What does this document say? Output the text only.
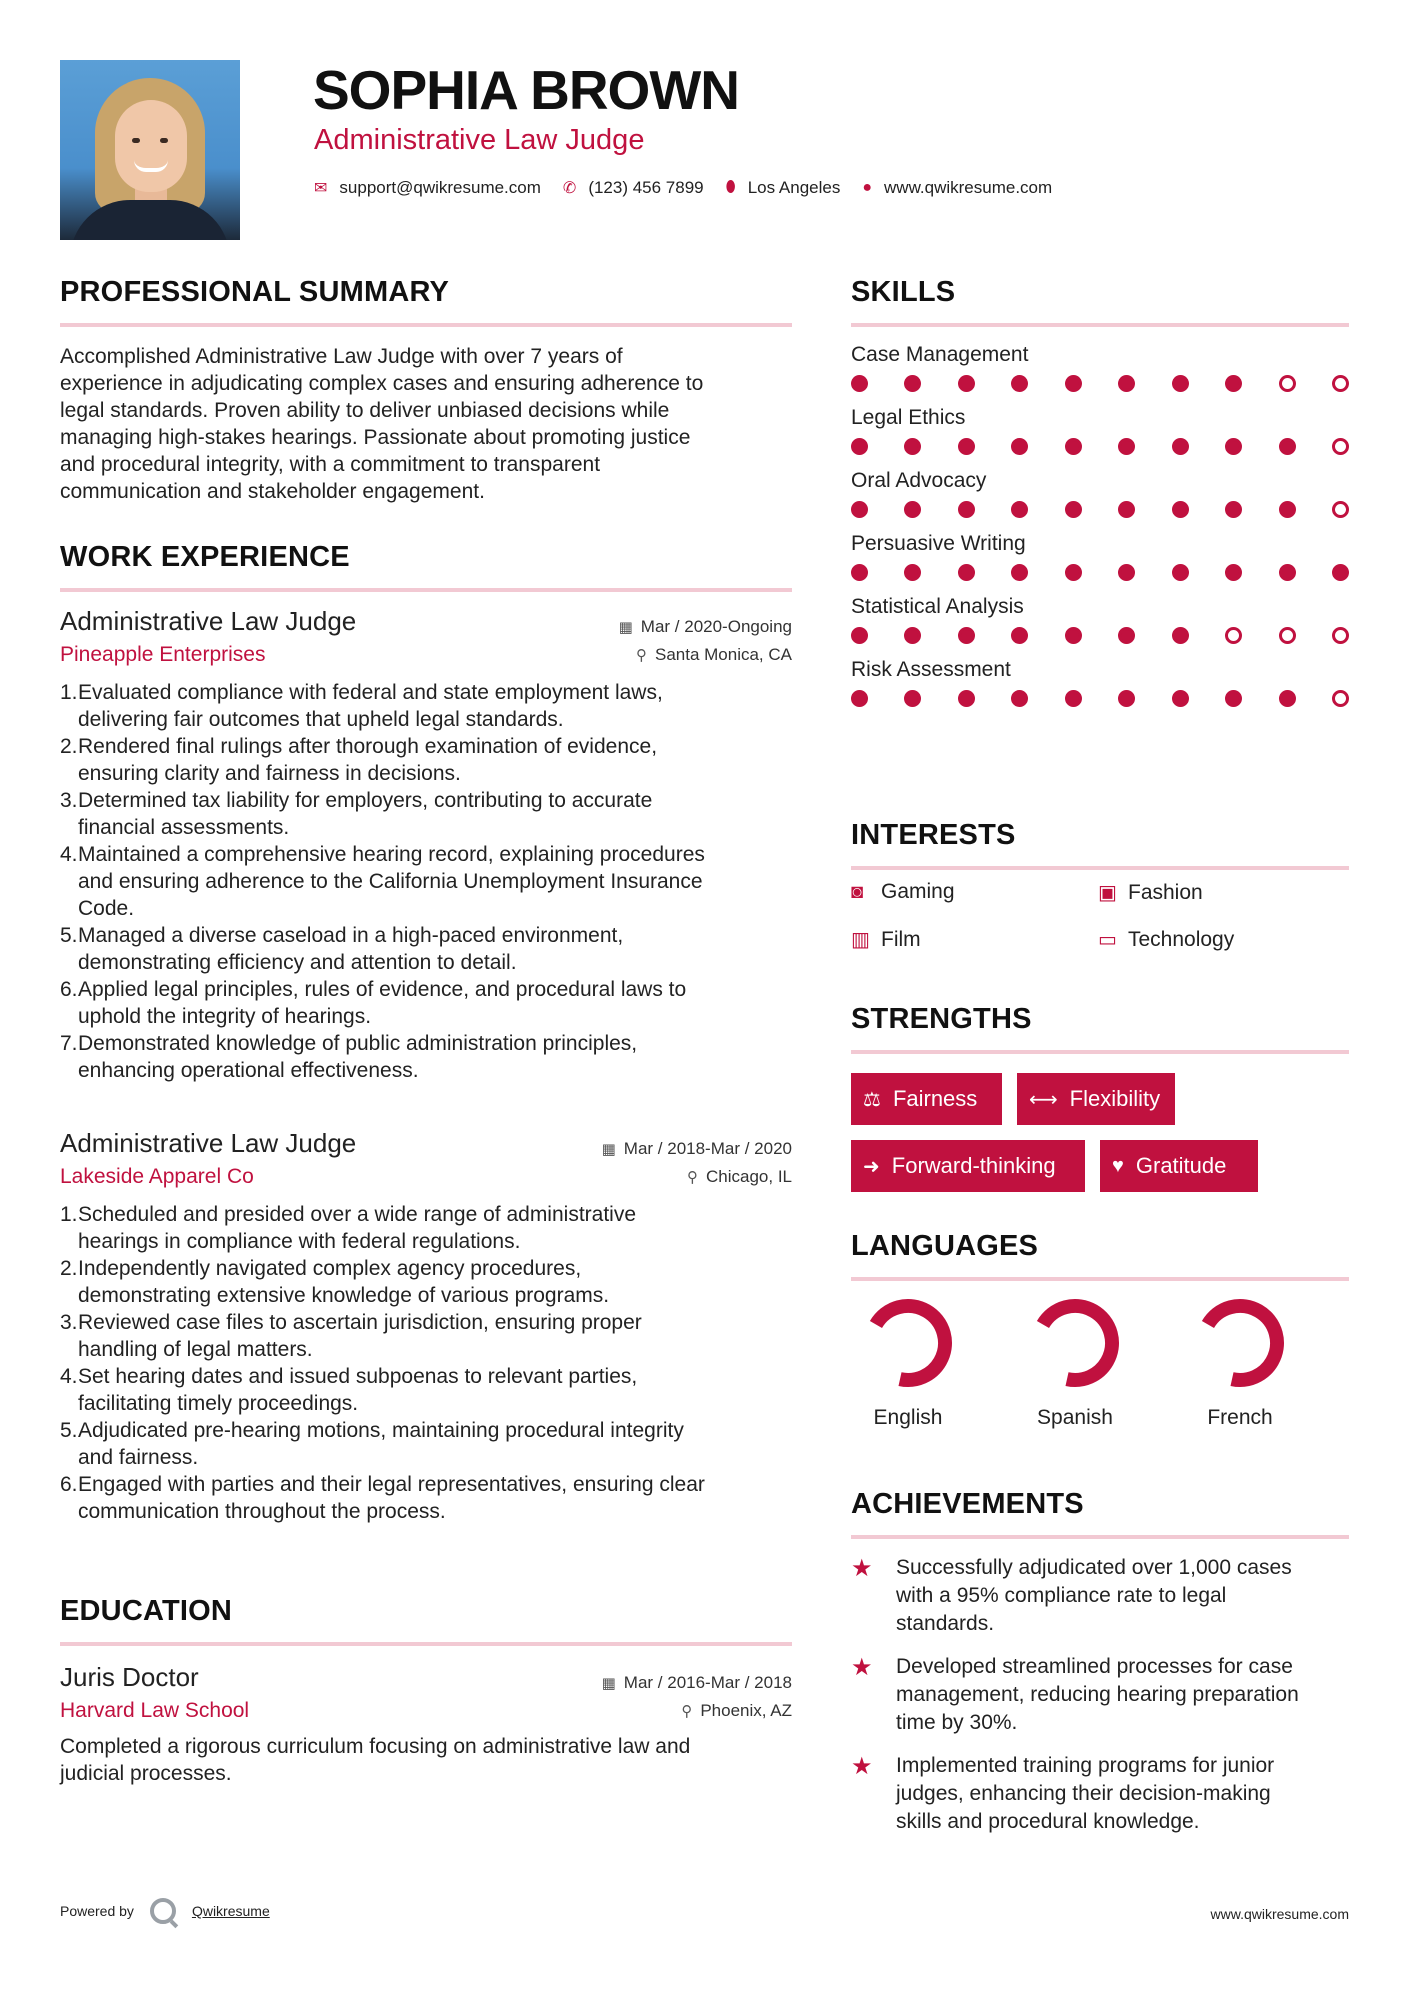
SOPHIA BROWN
Administrative Law Judge
✉ support@qwikresume.com ✆ (123) 456 7899 ⬮ Los Angeles ● www.qwikresume.com
PROFESSIONAL SUMMARY
Accomplished Administrative Law Judge with over 7 years of
experience in adjudicating complex cases and ensuring adherence to
legal standards. Proven ability to deliver unbiased decisions while
managing high-stakes hearings. Passionate about promoting justice
and procedural integrity, with a commitment to transparent
communication and stakeholder engagement.
WORK EXPERIENCE
Administrative Law Judge	▦ Mar / 2020-Ongoing
Pineapple Enterprises	⚲ Santa Monica, CA
1. Evaluated compliance with federal and state employment laws,
delivering fair outcomes that upheld legal standards.
2. Rendered final rulings after thorough examination of evidence,
ensuring clarity and fairness in decisions.
3. Determined tax liability for employers, contributing to accurate
financial assessments.
4. Maintained a comprehensive hearing record, explaining procedures
and ensuring adherence to the California Unemployment Insurance
Code.
5. Managed a diverse caseload in a high-paced environment,
demonstrating efficiency and attention to detail.
6. Applied legal principles, rules of evidence, and procedural laws to
uphold the integrity of hearings.
7. Demonstrated knowledge of public administration principles,
enhancing operational effectiveness.
Administrative Law Judge	▦ Mar / 2018-Mar / 2020
Lakeside Apparel Co	⚲ Chicago, IL
1. Scheduled and presided over a wide range of administrative
hearings in compliance with federal regulations.
2. Independently navigated complex agency procedures,
demonstrating extensive knowledge of various programs.
3. Reviewed case files to ascertain jurisdiction, ensuring proper
handling of legal matters.
4. Set hearing dates and issued subpoenas to relevant parties,
facilitating timely proceedings.
5. Adjudicated pre-hearing motions, maintaining procedural integrity
and fairness.
6. Engaged with parties and their legal representatives, ensuring clear
communication throughout the process.
EDUCATION
Juris Doctor	▦ Mar / 2016-Mar / 2018
Harvard Law School	⚲ Phoenix, AZ
Completed a rigorous curriculum focusing on administrative law and
judicial processes.
SKILLS
Case Management
Legal Ethics
Oral Advocacy
Persuasive Writing
Statistical Analysis
Risk Assessment
INTERESTS
◙ Gaming	▣ Fashion
▥ Film	▭ Technology
STRENGTHS
⚖ Fairness	⟷ Flexibility
➜ Forward-thinking	♥ Gratitude
LANGUAGES
English	Spanish	French
ACHIEVEMENTS
★	Successfully adjudicated over 1,000 cases
with a 95% compliance rate to legal
standards.
★	Developed streamlined processes for case
management, reducing hearing preparation
time by 30%.
★	Implemented training programs for junior
judges, enhancing their decision-making
skills and procedural knowledge.
Powered by	Qwikresume	www.qwikresume.com
